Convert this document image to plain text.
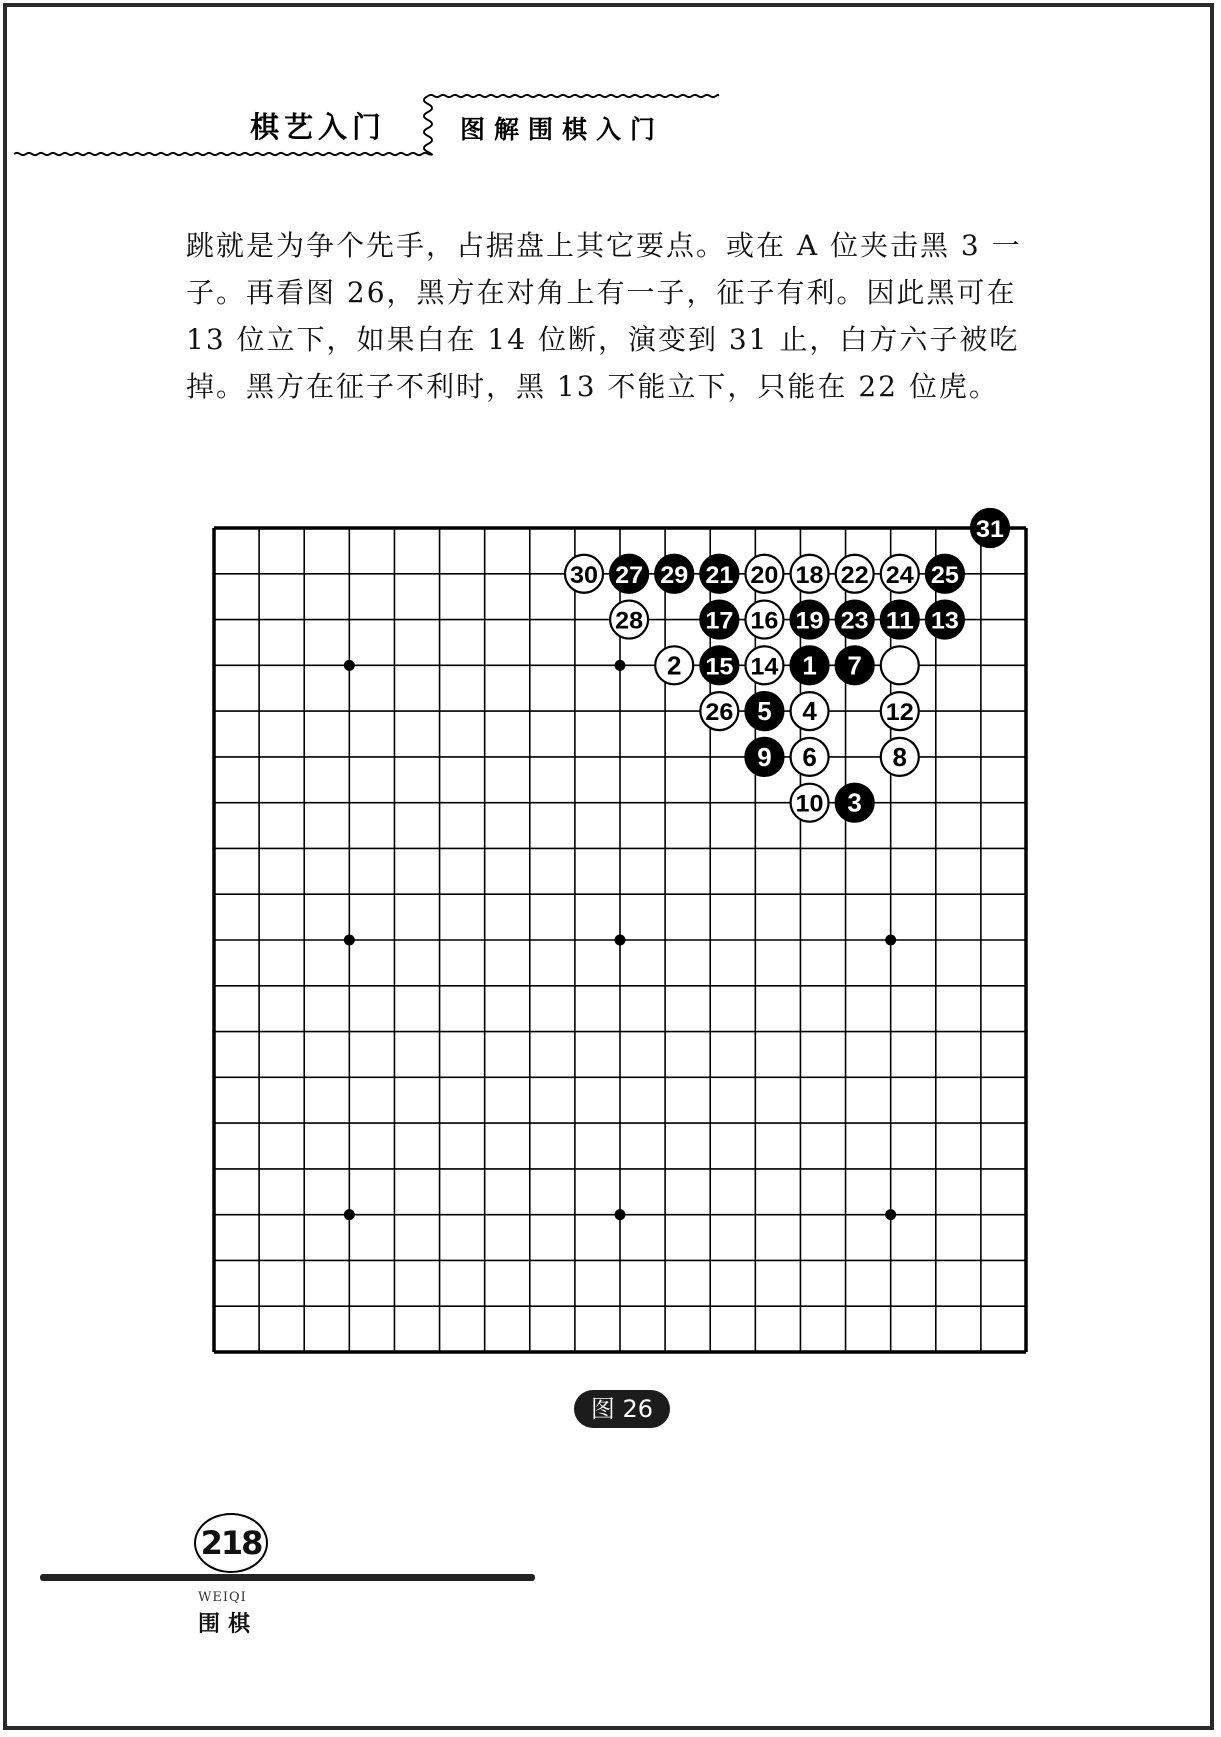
棋艺入门	图解围棋入门

跳就是为争个先手，占据盘上其它要点。或在 A 位夹击黑 3 一子。再看图 26，黑方在对角上有一子，征子有利。因此黑可在 13 位立下，如果白在 14 位断，演变到 31 止，白方六子被吃掉。黑方在征子不利时，黑 13 不能立下，只能在 22 位虎。

31
30 27 29 21 20 18 22 24 25
28	17 16 19 23 11 13
2 15 14 1 7
26 5 4	12
9 6	8
10 3
图 26
218
WEIQI
围棋
